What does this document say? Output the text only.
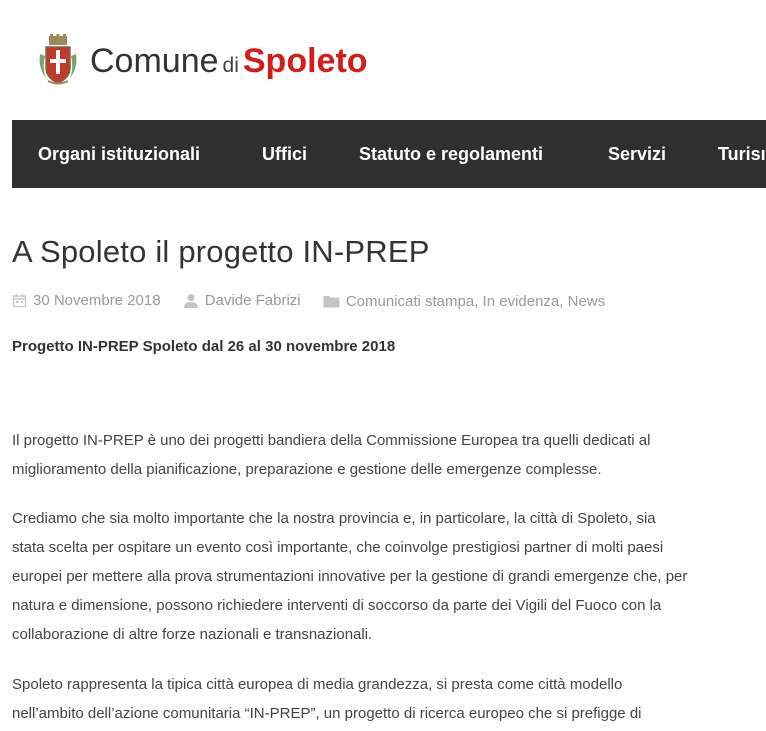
Comune di Spoleto
Organi istituzionali	Uffici	Statuto e regolamenti	Servizi	Turisı
A Spoleto il progetto IN-PREP
30 Novembre 2018
	Davide Fabrizi
	Comunicati stampa , In evidenza , News
Progetto IN-PREP Spoleto dal 26 al 30 novembre 2018

Il progetto IN-PREP è uno dei progetti bandiera della Commissione Europea tra quelli dedicati al
miglioramento della pianificazione, preparazione e gestione delle emergenze complesse.

Crediamo che sia molto importante che la nostra provincia e, in particolare, la città di Spoleto, sia
stata scelta per ospitare un evento così importante, che coinvolge prestigiosi partner di molti paesi
europei per mettere alla prova strumentazioni innovative per la gestione di grandi emergenze che, per
natura e dimensione, possono richiedere interventi di soccorso da parte dei Vigili del Fuoco con la
collaborazione di altre forze nazionali e transnazionali.

Spoleto rappresenta la tipica città europea di media grandezza, si presta come città modello
nell’ambito dell’azione comunitaria “IN-PREP”, un progetto di ricerca europeo che si prefigge di
